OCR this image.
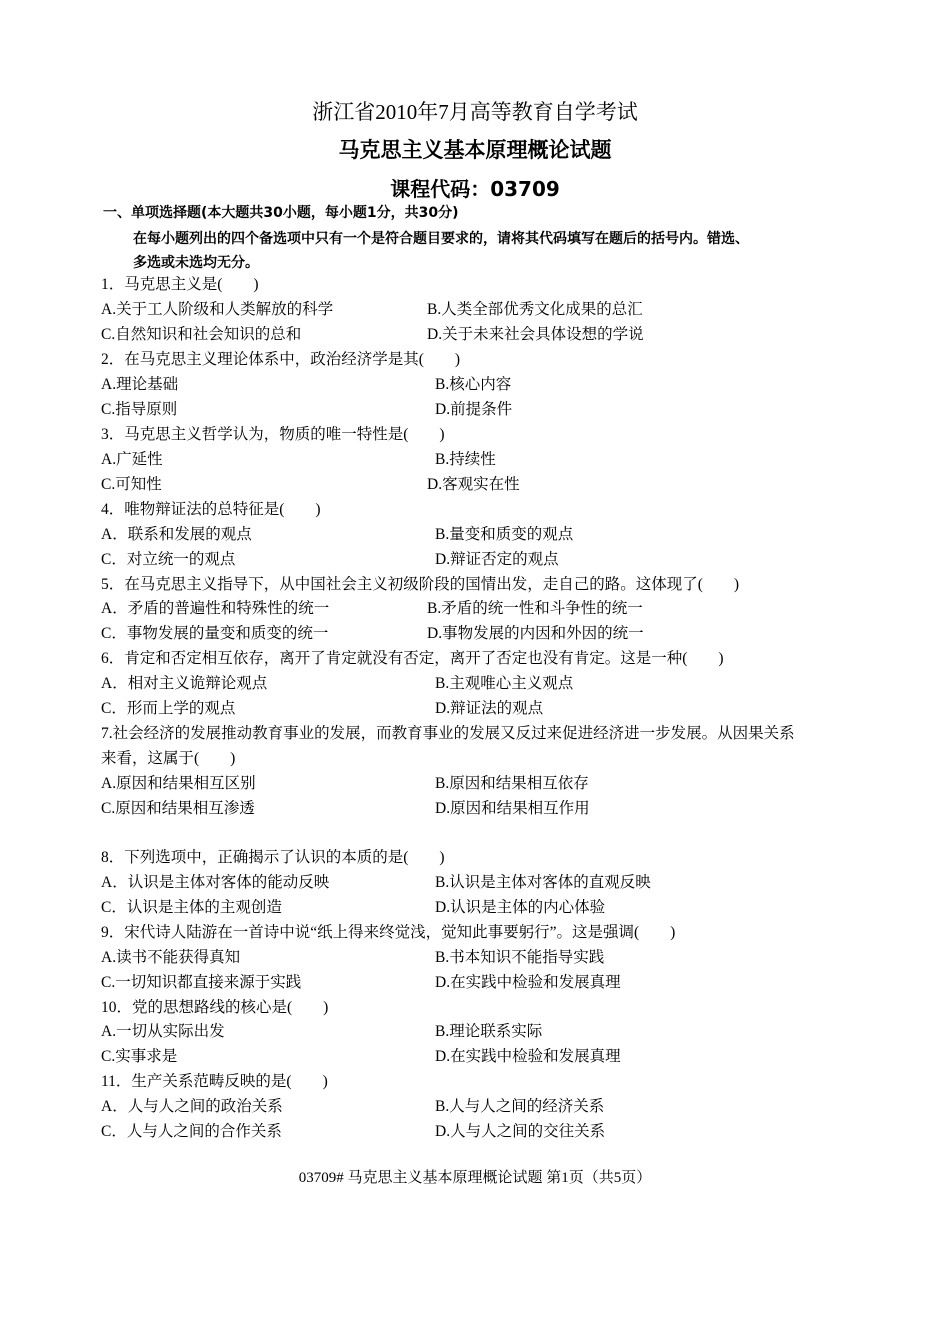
浙江省2010年7月高等教育自学考试
马克思主义基本原理概论试题
课程代码：03709
一、单项选择题(本大题共30小题，每小题1分，共30分)
在每小题列出的四个备选项中只有一个是符合题目要求的，请将其代码填写在题后的括号内。错选、
多选或未选均无分。
1．马克思主义是(　　)
A.关于工人阶级和人类解放的科学	B.人类全部优秀文化成果的总汇
C.自然知识和社会知识的总和	D.关于未来社会具体设想的学说
2．在马克思主义理论体系中，政治经济学是其(　　)
A.理论基础	B.核心内容
C.指导原则	D.前提条件
3．马克思主义哲学认为，物质的唯一特性是(　　)
A.广延性	B.持续性
C.可知性	D.客观实在性
4．唯物辩证法的总特征是(　　)
A．联系和发展的观点	B.量变和质变的观点
C．对立统一的观点	D.辩证否定的观点
5．在马克思主义指导下，从中国社会主义初级阶段的国情出发，走自己的路。这体现了(　　)
A．矛盾的普遍性和特殊性的统一	B.矛盾的统一性和斗争性的统一
C．事物发展的量变和质变的统一	D.事物发展的内因和外因的统一
6．肯定和否定相互依存，离开了肯定就没有否定，离开了否定也没有肯定。这是一种(　　)
A．相对主义诡辩论观点	B.主观唯心主义观点
C．形而上学的观点	D.辩证法的观点
7.社会经济的发展推动教育事业的发展，而教育事业的发展又反过来促进经济进一步发展。从因果关系
来看，这属于(　　)
A.原因和结果相互区别	B.原因和结果相互依存
C.原因和结果相互渗透	D.原因和结果相互作用
8．下列选项中，正确揭示了认识的本质的是(　　)
A．认识是主体对客体的能动反映	B.认识是主体对客体的直观反映
C．认识是主体的主观创造	D.认识是主体的内心体验
9．宋代诗人陆游在一首诗中说“纸上得来终觉浅，觉知此事要躬行”。这是强调(　　)
A.读书不能获得真知	B.书本知识不能指导实践
C.一切知识都直接来源于实践	D.在实践中检验和发展真理
10．党的思想路线的核心是(　　)
A.一切从实际出发	B.理论联系实际
C.实事求是	D.在实践中检验和发展真理
11．生产关系范畴反映的是(　　)
A．人与人之间的政治关系	B.人与人之间的经济关系
C．人与人之间的合作关系	D.人与人之间的交往关系
03709# 马克思主义基本原理概论试题 第1页（共5页）
